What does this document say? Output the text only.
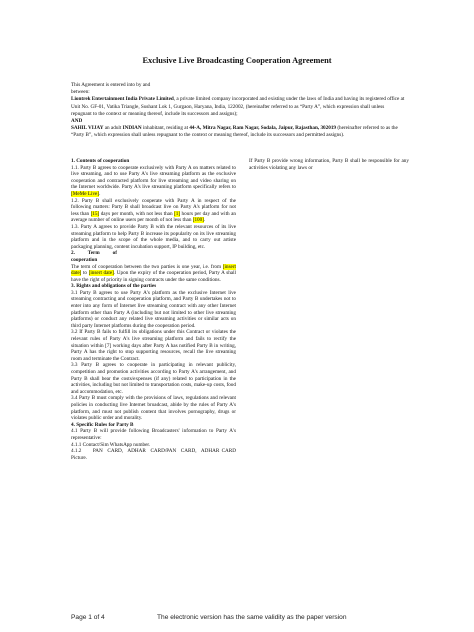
Exclusive Live Broadcasting Cooperation Agreement

This Agreement is entered into by and

between:

Liontrek Entertainment India Private Limited, a private limited company incorporated and existing under the laws of India and having its registered office at Unit No. GF-01, Vatika Triangle, Sushant Lok 1, Gurgaon, Haryana, India, 122002, (hereinafter referred to as “Party A”, which expression shall unless repugnant to the context or meaning thereof, include its successors and assigns);

AND

SAHIL VIJAY an adult INDIAN inhabitant, residing at 44-A, Mitra Nagar, Ram Nagar, Sodala, Jaipur, Rajasthan, 302019 (hereinafter referred to as the “Party B”, which expression shall unless repugnant to the context or meaning thereof, include its successors and permitted assigns).

1. Contents of cooperation

1.1. Party B agrees to cooperate exclusively with Party A on matters related to live streaming, and to use Party A's live streaming platform as the exclusive cooperation and contracted platform for live streaming and video sharing on the Internet worldwide. Party A's live streaming platform specifically refers to [MeMe Live].

1.2. Party B shall exclusively cooperate with Party A in respect of the following matters: Party B shall broadcast live on Party A's platform for not less than [15] days per month, with not less than [1] hours per day and with an average number of online users per month of not less than [100].

1.3. Party A agrees to provide Party B with the relevant resources of its live streaming platform to help Party B increase its popularity on its live streaming platform and in the scope of the whole media, and to carry out artiste packaging planning, content incubation support, IP building, etc.

2.          Term          of

cooperation

The term of cooperation between the two parties is one year, i.e. from [insert date] to [insert date]. Upon the expiry of the cooperation period, Party A shall have the right of priority in signing contracts under the same conditions.

3. Rights and obligations of the parties

3.1 Party B agrees to use Party A's platform as the exclusive Internet live streaming contracting and cooperation platform, and Party B undertakes not to enter into any form of Internet live streaming contract with any other Internet platform other than Party A (including but not limited to other live streaming platforms) or conduct any related live streaming activities or similar acts on third party Internet platforms during the cooperation period.

3.2 If Party B fails to fulfill its obligations under this Contract or violates the relevant rules of Party A's live streaming platform and fails to rectify the situation within [7] working days after Party A has notified Party B in writing, Party A has the right to stop supporting resources, recall the live streaming room and terminate the Contract.

3.3 Party B agrees to cooperate in participating in relevant publicity, competition and promotion activities according to Party A's arrangement, and Party B shall bear the costs/expenses (if any) related to participation in the activities, including but not limited to transportation costs, make-up costs, food and accommodation, etc.

3.4 Party B must comply with the provisions of laws, regulations and relevant policies in conducting live Internet broadcast, abide by the rules of Party A's platform, and must not publish content that involves pornography, drugs or violates public order and morality.

4. Specific Rules for Party B

4.1 Party B will provide following Broadcasters' information to Party A's representative:

4.1.1 Contact/Sim WhatsApp number.

4.1.2     PAN  CARD,  ADHAR  CARD/PAN  CARD,  ADHAR CARD Picture.

If Party B provide wrong information, Party B shall be responsible for any activities violating any laws or

Page 1 of 4	The electronic version has the same validity as the paper version
